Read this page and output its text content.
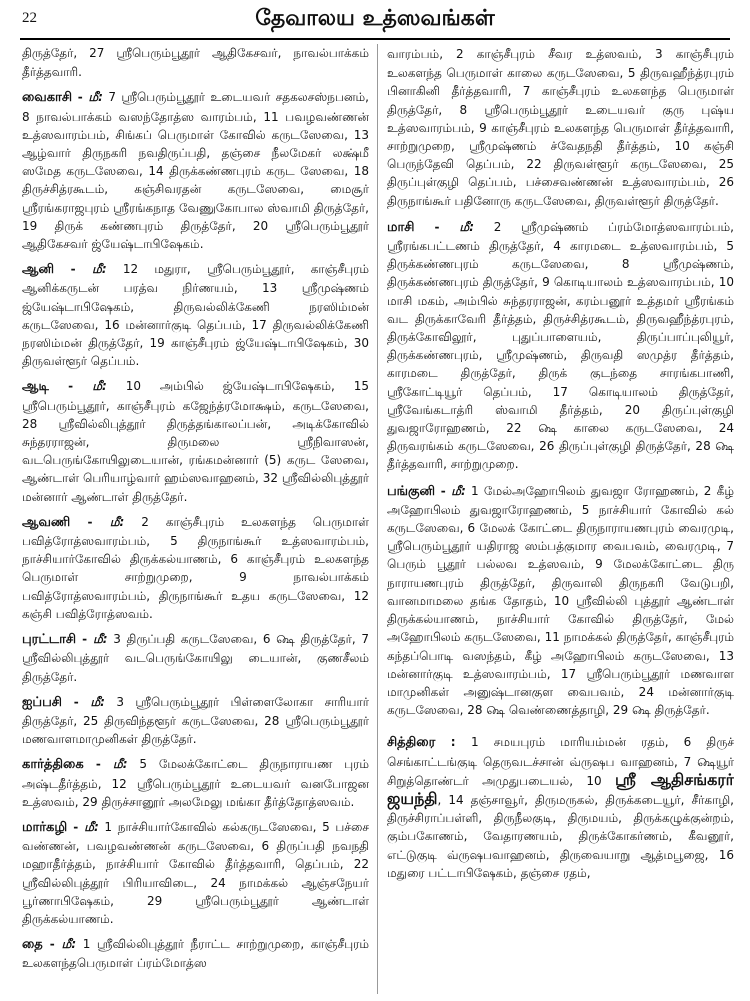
22	தேவாலய உத்ஸவங்கள்

திருத்தேர், 27 ஸ்ரீபெரும்பூதூர் ஆதிகேசவர், நாவல்பாக்கம் தீர்த்தவாரி.

வைகாசி - மீ: 7 ஸ்ரீபெரும்பூதூர் உடையவர் சதகலசஸ்நபனம், 8 நாவல்பாக்கம் வஸந்தோத்ஸ வாரம்பம், 11 பவழவண்ணன் உத்ஸவாரம்பம், சிங்கப் பெருமாள் கோவில் கருடஸேவை, 13 ஆழ்வார் திருநகரி நவதிருப்பதி, தஞ்சை நீலமேகர் லக்ஷ்மீ ஸமேத கருடஸேவை, 14 திருக்கண்ணபுரம் கருட ஸேவை, 18 திருச்சித்ரகூடம், கஞ்சிவரதன் கருடஸேவை, மைசூர் ஸ்ரீரங்கராஜபுரம் ஸ்ரீரங்கநாத வேணுகோபால ஸ்வாமி திருத்தேர், 19 திருக் கண்ணபுரம் திருத்தேர், 20 ஸ்ரீபெரும்பூதூர் ஆதிகேசவர் ஜ்யேஷ்டாபிஷேகம்.

ஆனி - மீ: 12 மதுரா, ஸ்ரீபெரும்பூதூர், காஞ்சீபுரம் ஆனிக்கருடன் பரத்வ நிர்ணயம், 13 ஸ்ரீமுஷ்ணம் ஜ்யேஷ்டாபிஷேகம், திருவல்லிக்கேணி நரஸிம்மன் கருடஸேவை, 16 மன்னார்குடி தெப்பம், 17 திருவல்லிக்கேணி நரஸிம்மன் திருத்தேர், 19 காஞ்சீபுரம் ஜ்யேஷ்டாபிஷேகம், 30 திருவள்ளூர் தெப்பம்.

ஆடி - மீ: 10 அம்பில் ஜ்யேஷ்டாபிஷேகம், 15 ஸ்ரீபெரும்பூதூர், காஞ்சீபுரம் கஜேந்த்ரமோக்ஷம், கருடஸேவை, 28 ஸ்ரீவில்லிபுத்தூர் திருத்தங்காலப்பன், அடிக்கோவில் சுந்தரராஜன், திருமலை ஸ்ரீநிவாஸன், வடபெருங்கோயிலுடையான், ரங்கமன்னார் (5) கருட ஸேவை, ஆண்டாள் பெரியாழ்வார் ஹம்ஸவாஹனம், 32 ஸ்ரீவில்லிபுத்தூர் மன்னார் ஆண்டாள் திருத்தேர்.

ஆவணி - மீ: 2 காஞ்சீபுரம் உலகளந்த பெருமாள் பவித்ரோத்ஸவாரம்பம், 5 திருநாங்கூர் உத்ஸவாரம்பம், நாச்சியார்கோவில் திருக்கல்யாணம், 6 காஞ்சீபுரம் உலகளந்த பெருமாள் சாற்றுமுறை, 9 நாவல்பாக்கம் பவித்ரோத்ஸவாரம்பம், திருநாங்கூர் உதய கருடஸேவை, 12 கஞ்சி பவித்ரோத்ஸவம்.

புரட்டாசி - மீ: 3 திருப்பதி கருடஸேவை, 6 ௸ திருத்தேர், 7 ஸ்ரீவில்லிபுத்தூர் வடபெருங்கோயிலு டையான், குணசீலம் திருத்தேர்.

ஐப்பசி - மீ: 3 ஸ்ரீபெரும்பூதூர் பிள்ளைலோகா சாரியார் திருத்தேர், 25 திருவிந்தளூர் கருடஸேவை, 28 ஸ்ரீபெரும்பூதூர் மணவாளமாமுனிகள் திருத்தேர்.

கார்த்திகை - மீ: 5 மேலக்கோட்டை திருநாராயண புரம் அஷ்டதீர்த்தம், 12 ஸ்ரீபெரும்பூதூர் உடையவர் வனபோஜன உத்ஸவம், 29 திருச்சானூர் அலமேலு மங்கா தீர்த்தோத்ஸவம்.

மார்கழி - மீ: 1 நாச்சியார்கோவில் கல்கருடஸேவை, 5 பச்சை வண்ணன், பவழவண்ணன் கருடஸேவை, 6 திருப்பதி நவநதி மஹாதீர்த்தம், நாச்சியார் கோவில் தீர்த்தவாரி, தெப்பம், 22 ஸ்ரீவில்லிபுத்தூர் பிரியாவிடை, 24 நாமக்கல் ஆஞ்சநேயர் பூர்ணாபிஷேகம், 29 ஸ்ரீபெரும்பூதூர் ஆண்டாள் திருக்கல்யாணம்.

தை - மீ: 1 ஸ்ரீவில்லிபுத்தூர் நீராட்ட சாற்றுமுறை, காஞ்சீபுரம் உலகளந்தபெருமாள் ப்ரம்மோத்ஸ

வாரம்பம், 2 காஞ்சீபுரம் சீவர உத்ஸவம், 3 காஞ்சீபுரம் உலகளந்த பெருமாள் காலை கருடஸேவை, 5 திருவஹீந்த்ரபுரம் பினாகினி தீர்த்தவாரி, 7 காஞ்சீபுரம் உலகளந்த பெருமாள் திருத்தேர், 8 ஸ்ரீபெரும்பூதூர் உடையவர் குரு புஷ்ய உத்ஸவாரம்பம், 9 காஞ்சீபுரம் உலகளந்த பெருமாள் தீர்த்தவாரி, சாற்றுமுறை, ஸ்ரீமுஷ்ணம் ச்வேதநதி தீர்த்தம், 10 கஞ்சி பெருந்தேவி தெப்பம், 22 திருவள்ளூர் கருடஸேவை, 25 திருப்புள்குழி தெப்பம், பச்சைவண்ணன் உத்ஸவாரம்பம், 26 திருநாங்கூர் பதினோரு கருடஸேவை, திருவள்ளூர் திருத்தேர்.

மாசி - மீ: 2 ஸ்ரீமுஷ்ணம் ப்ரம்மோத்ஸவாரம்பம், ஸ்ரீரங்கபட்டணம் திருத்தேர், 4 காரமடை உத்ஸவாரம்பம், 5 திருக்கண்ணபுரம் கருடஸேவை, 8 ஸ்ரீமுஷ்ணம், திருக்கண்ணபுரம் திருத்தேர், 9 கொடியாலம் உத்ஸவாரம்பம், 10 மாசி மகம், அம்பில் சுந்தரராஜன், கரம்பனூர் உத்தமர் ஸ்ரீரங்கம் வட திருக்காவேரி தீர்த்தம், திருச்சித்ரகூடம், திருவஹீந்த்ரபுரம், திருக்கோவிலூர், புதுப்பாளையம், திருப்பாப்புலியூர், திருக்கண்ணபுரம், ஸ்ரீமுஷ்ணம், திருவதி ஸமுத்ர தீர்த்தம், காரமடை திருத்தேர், திருக் குடந்தை சாரங்கபாணி, ஸ்ரீகோட்டியூர் தெப்பம், 17 கொடியாலம் திருத்தேர், ஸ்ரீவேங்கடாத்ரி ஸ்வாமி தீர்த்தம், 20 திருப்புள்குழி துவஜாரோஹணம், 22 ௸ காலை கருடஸேவை, 24 திருவரங்கம் கருடஸேவை, 26 திருப்புள்குழி திருத்தேர், 28 ௸ தீர்த்தவாரி, சாற்றுமுறை.

பங்குனி - மீ: 1 மேல்அஹோபிலம் துவஜா ரோஹணம், 2 கீழ் அஹோபிலம் துவஜாரோஹணம், 5 நாச்சியார் கோவில் கல் கருடஸேவை, 6 மேலக் கோட்டை திருநாராயணபுரம் வைரமுடி, ஸ்ரீபெரும்பூதூர் யதிராஜ ஸம்பத்குமார வைபவம், வைரமுடி, 7 பெரும் பூதூர் பல்லவ உத்ஸவம், 9 மேலக்கோட்டை திரு நாராயணபுரம் திருத்தேர், திருவாலி திருநகரி வேடுபறி, வானமாமலை தங்க தோதம், 10 ஸ்ரீவில்லி புத்தூர் ஆண்டாள் திருக்கல்யாணம், நாச்சியார் கோவில் திருத்தேர், மேல் அஹோபிலம் கருடஸேவை, 11 நாமக்கல் திருத்தேர், காஞ்சீபுரம் கந்தப்பொடி வஸந்தம், கீழ் அஹோபிலம் கருடஸேவை, 13 மன்னார்குடி உத்ஸவாரம்பம், 17 ஸ்ரீபெரும்பூதூர் மணவாள மாமுனிகள் அனுஷ்டானகுள வைபவம், 24 மன்னார்குடி கருடஸேவை, 28 ௸ வெண்ணைத்தாழி, 29 ௸ திருத்தேர்.

சித்திரை : 1 சமயபுரம் மாரியம்மன் ரதம், 6 திருச் செங்காட்டங்குடி தெருவடச்சான் வ்ருஷப வாஹனம், 7 ௸யூர் சிறுத்தொண்டர் அமுதுபடையல், 10 ஸ்ரீ ஆதிசங்கரர் ஜயந்தி, 14 தஞ்சாவூர், திருமருகல், திருக்கடையூர், சீர்காழி, திருச்சிராப்பள்ளி, திருநீலகுடி, திருமயம், திருக்கழுக்குன்றம், கும்பகோணம், வேதாரணயம், திருக்கோகர்ணம், கீவனூர், எட்டுகுடி வ்ருஷபவாஹனம், திருவையாறு ஆத்மபூஜை, 16 மதுரை பட்டாபிஷேகம், தஞ்சை ரதம்,
